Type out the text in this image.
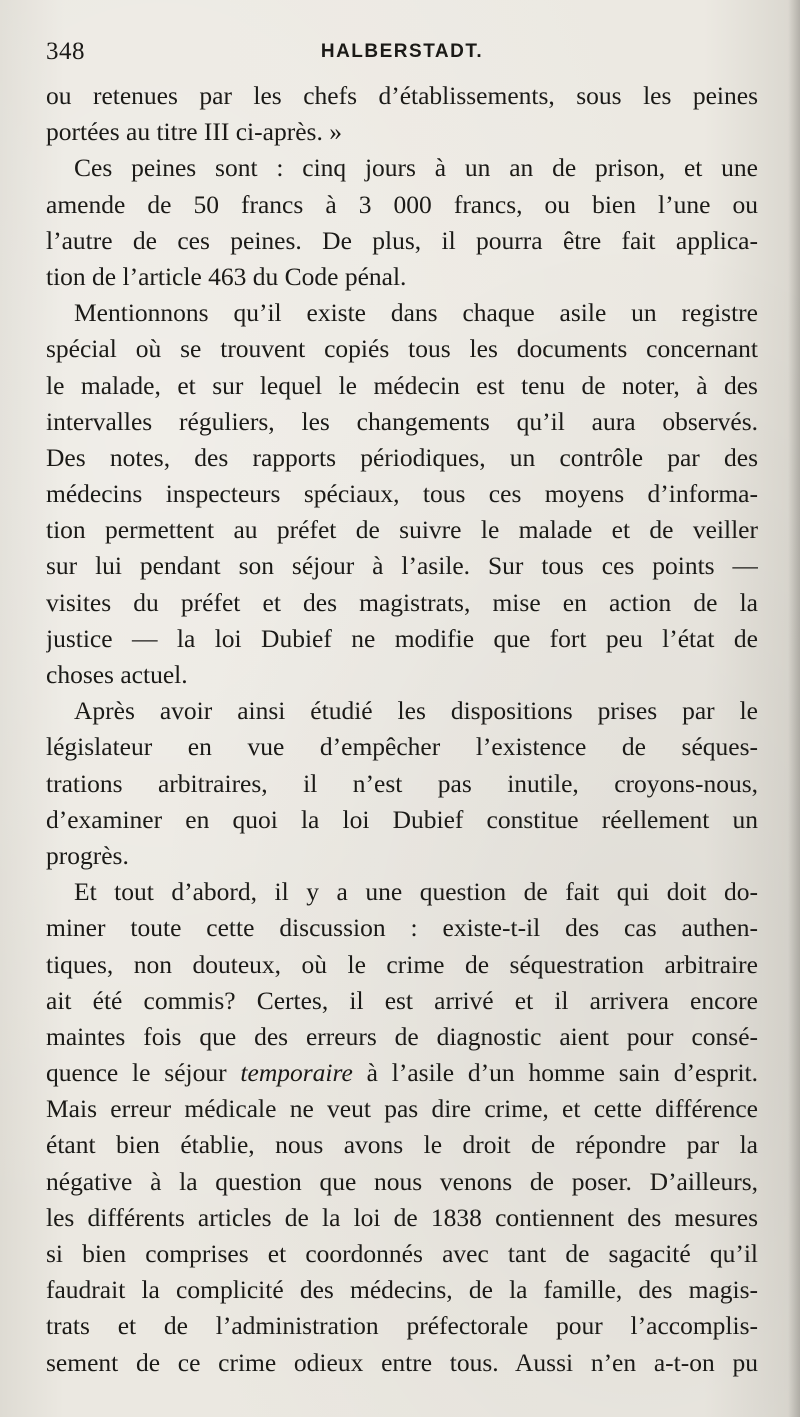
348	HALBERSTADT.
ou retenues par les chefs d’établissements, sous les peines
portées au titre III ci-après. »
Ces peines sont : cinq jours à un an de prison, et une
amende de 50 francs à 3 000 francs, ou bien l’une ou
l’autre de ces peines. De plus, il pourra être fait applica-
tion de l’article 463 du Code pénal.
Mentionnons qu’il existe dans chaque asile un registre
spécial où se trouvent copiés tous les documents concernant
le malade, et sur lequel le médecin est tenu de noter, à des
intervalles réguliers, les changements qu’il aura observés.
Des notes, des rapports périodiques, un contrôle par des
médecins inspecteurs spéciaux, tous ces moyens d’informa-
tion permettent au préfet de suivre le malade et de veiller
sur lui pendant son séjour à l’asile. Sur tous ces points —
visites du préfet et des magistrats, mise en action de la
justice — la loi Dubief ne modifie que fort peu l’état de
choses actuel.
Après avoir ainsi étudié les dispositions prises par le
législateur en vue d’empêcher l’existence de séques-
trations arbitraires, il n’est pas inutile, croyons-nous,
d’examiner en quoi la loi Dubief constitue réellement un
progrès.
Et tout d’abord, il y a une question de fait qui doit do-
miner toute cette discussion : existe-t-il des cas authen-
tiques, non douteux, où le crime de séquestration arbitraire
ait été commis? Certes, il est arrivé et il arrivera encore
maintes fois que des erreurs de diagnostic aient pour consé-
quence le séjour temporaire à l’asile d’un homme sain d’esprit.
Mais erreur médicale ne veut pas dire crime, et cette différence
étant bien établie, nous avons le droit de répondre par la
négative à la question que nous venons de poser. D’ailleurs,
les différents articles de la loi de 1838 contiennent des mesures
si bien comprises et coordonnés avec tant de sagacité qu’il
faudrait la complicité des médecins, de la famille, des magis-
trats et de l’administration préfectorale pour l’accomplis-
sement de ce crime odieux entre tous. Aussi n’en a-t-on pu
